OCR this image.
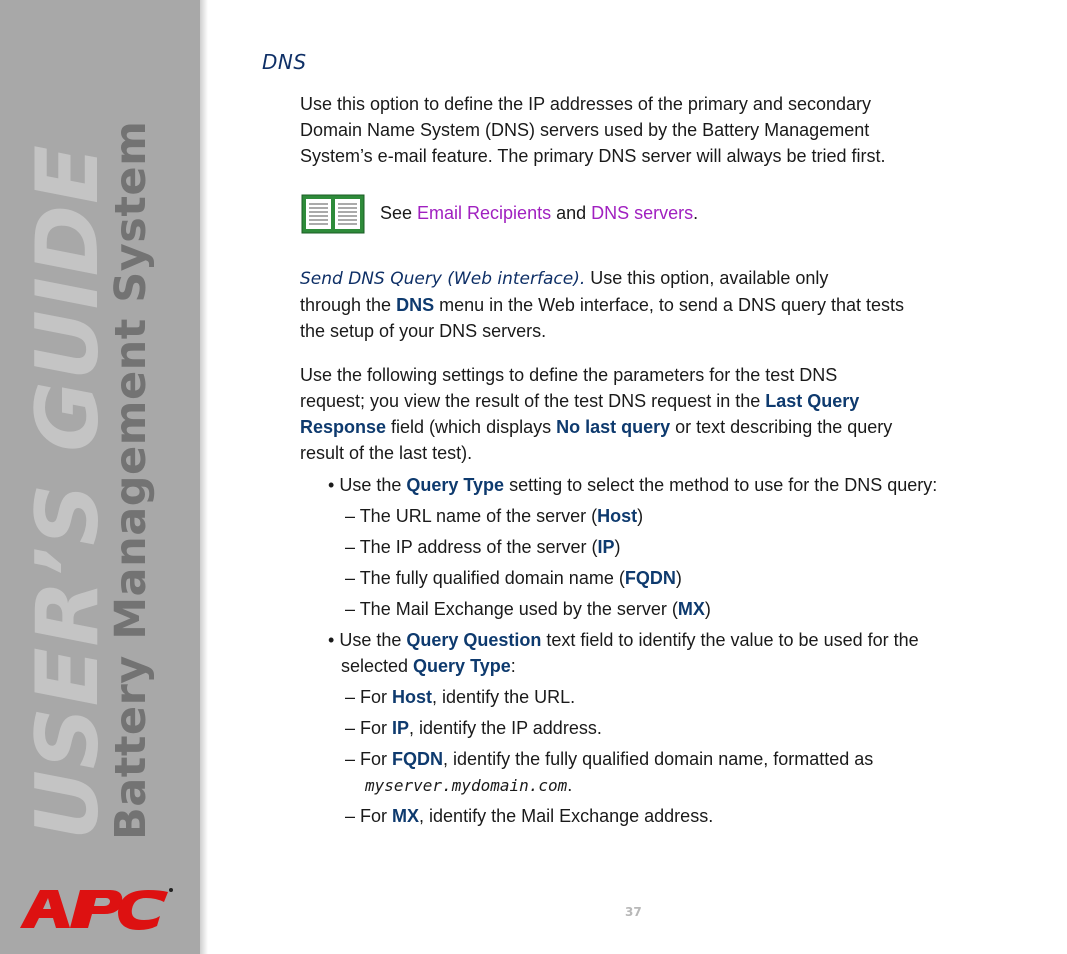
USER’S GUIDE
Battery Management System
DNS

Use this option to define the IP addresses of the primary and secondary
Domain Name System (DNS) servers used by the Battery Management
System’s e-mail feature. The primary DNS server will always be tried first.

See Email Recipients and DNS servers.

Send DNS Query (Web interface). Use this option, available only
through the DNS menu in the Web interface, to send a DNS query that tests
the setup of your DNS servers.

Use the following settings to define the parameters for the test DNS
request; you view the result of the test DNS request in the Last Query
Response field (which displays No last query or text describing the query
result of the last test).

• Use the Query Type setting to select the method to use for the DNS query:
– The URL name of the server (Host)
– The IP address of the server (IP)
– The fully qualified domain name (FQDN)
– The Mail Exchange used by the server (MX)
• Use the Query Question text field to identify the value to be used for the
selected Query Type:
– For Host, identify the URL.
– For IP, identify the IP address.
– For FQDN, identify the fully qualified domain name, formatted as
myserver.mydomain.com.
– For MX, identify the Mail Exchange address.
37
